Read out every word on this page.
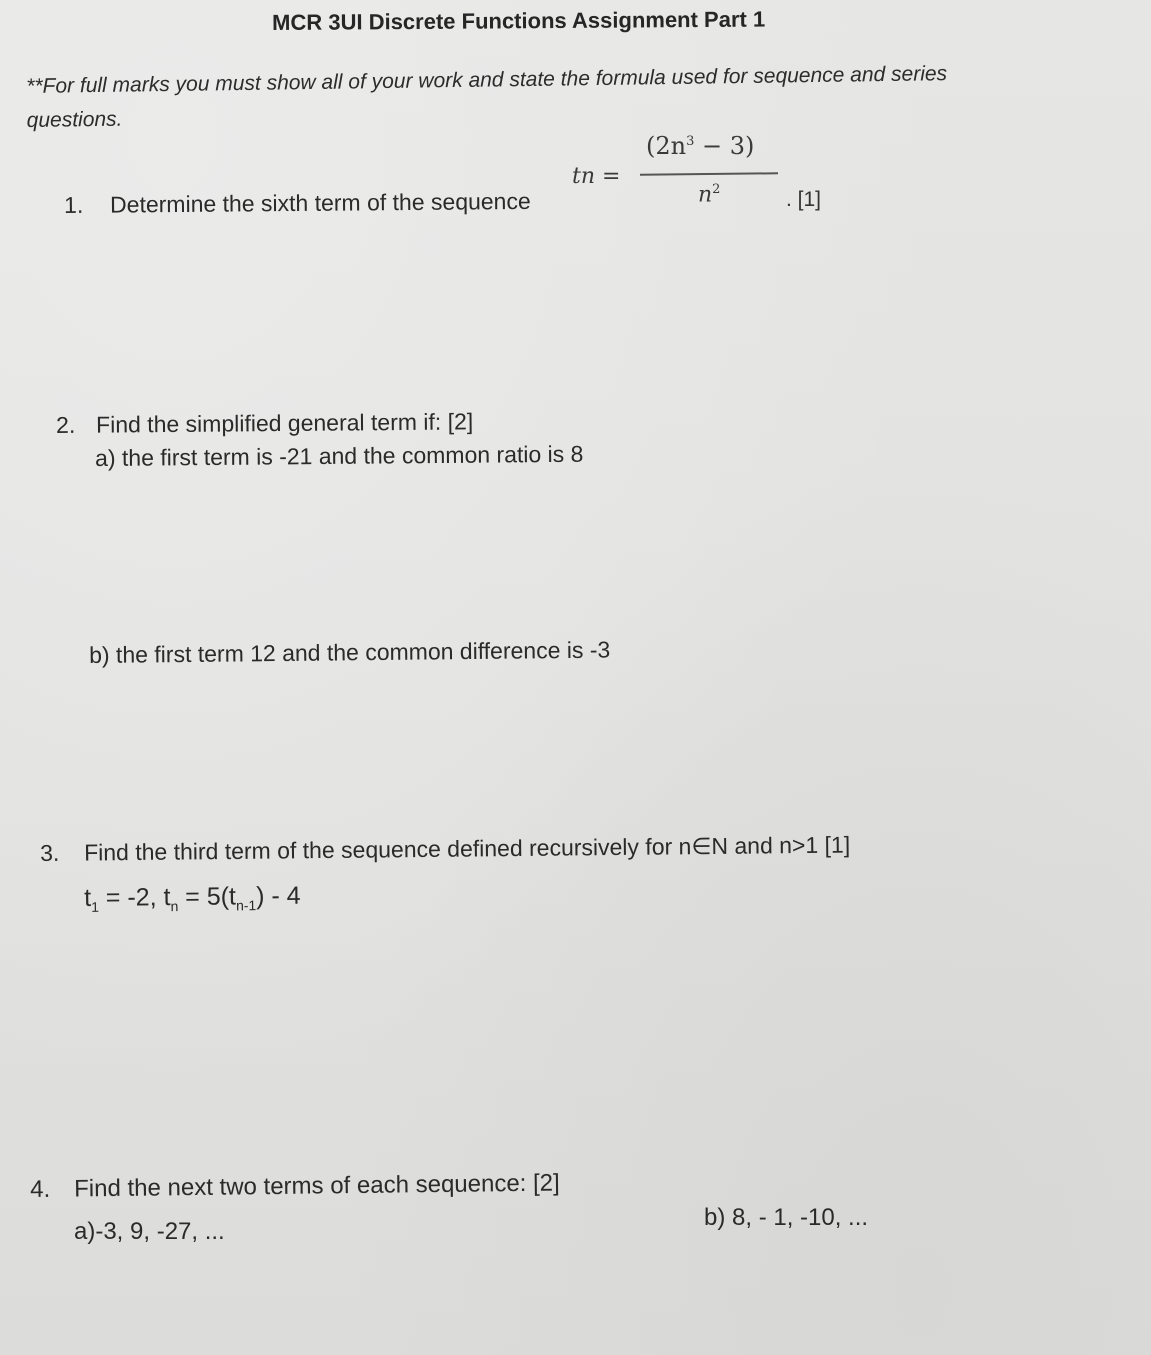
MCR 3UI Discrete Functions Assignment Part 1
**For full marks you must show all of your work and state the formula used for sequence and series questions.
1. Determine the sixth term of the sequence
tn =
$(2n^3 - 3)$
$n^2$	. [1]
2. Find the simplified general term if: [2]
a) the first term is -21 and the common ratio is 8
b) the first term 12 and the common difference is -3
3. Find the third term of the sequence defined recursively for n∈N and n>1 [1]
$t_1 = -2$, $t_n = 5(t_{n-1}) - 4$
4. Find the next two terms of each sequence: [2]
a)-3, 9, -27, ...
b) 8, - 1, -10, ...
